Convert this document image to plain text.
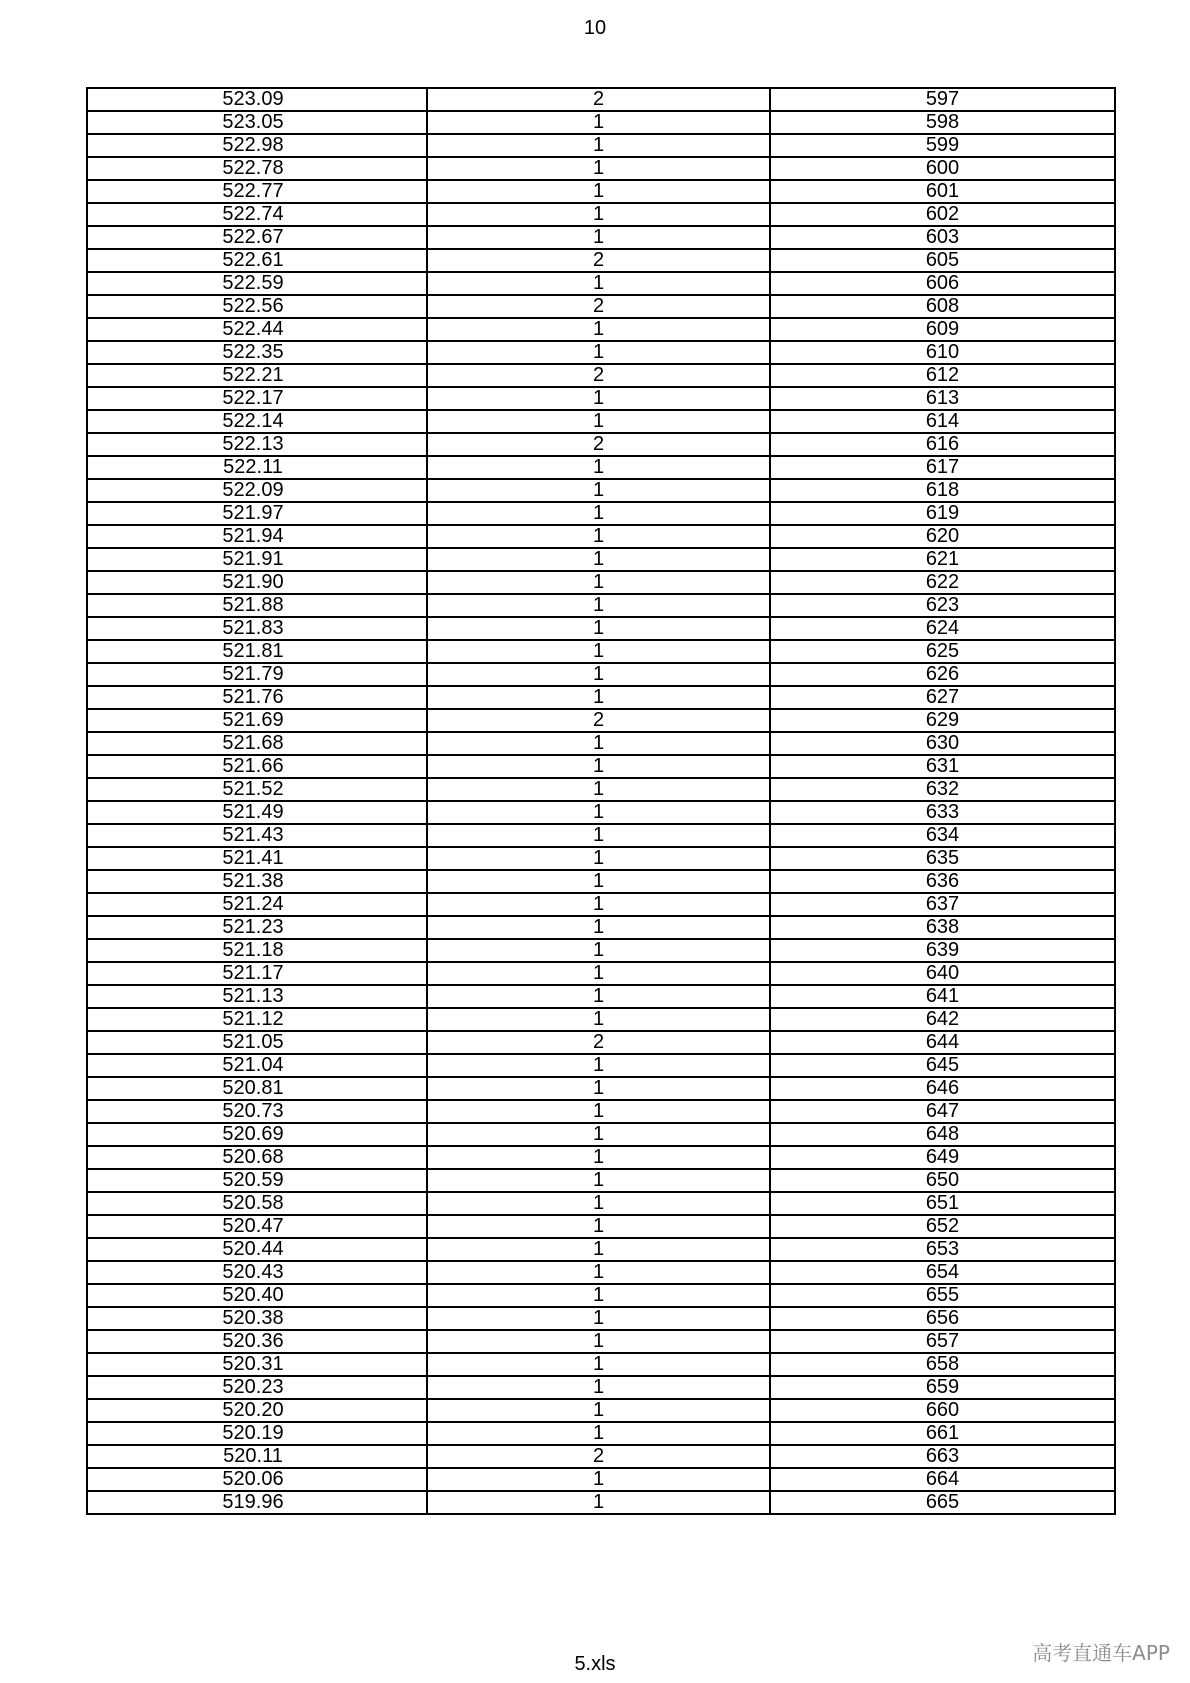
10
523.09	2	597
523.05	1	598
522.98	1	599
522.78	1	600
522.77	1	601
522.74	1	602
522.67	1	603
522.61	2	605
522.59	1	606
522.56	2	608
522.44	1	609
522.35	1	610
522.21	2	612
522.17	1	613
522.14	1	614
522.13	2	616
522.11	1	617
522.09	1	618
521.97	1	619
521.94	1	620
521.91	1	621
521.90	1	622
521.88	1	623
521.83	1	624
521.81	1	625
521.79	1	626
521.76	1	627
521.69	2	629
521.68	1	630
521.66	1	631
521.52	1	632
521.49	1	633
521.43	1	634
521.41	1	635
521.38	1	636
521.24	1	637
521.23	1	638
521.18	1	639
521.17	1	640
521.13	1	641
521.12	1	642
521.05	2	644
521.04	1	645
520.81	1	646
520.73	1	647
520.69	1	648
520.68	1	649
520.59	1	650
520.58	1	651
520.47	1	652
520.44	1	653
520.43	1	654
520.40	1	655
520.38	1	656
520.36	1	657
520.31	1	658
520.23	1	659
520.20	1	660
520.19	1	661
520.11	2	663
520.06	1	664
519.96	1	665
5.xls	高考直通车APP
